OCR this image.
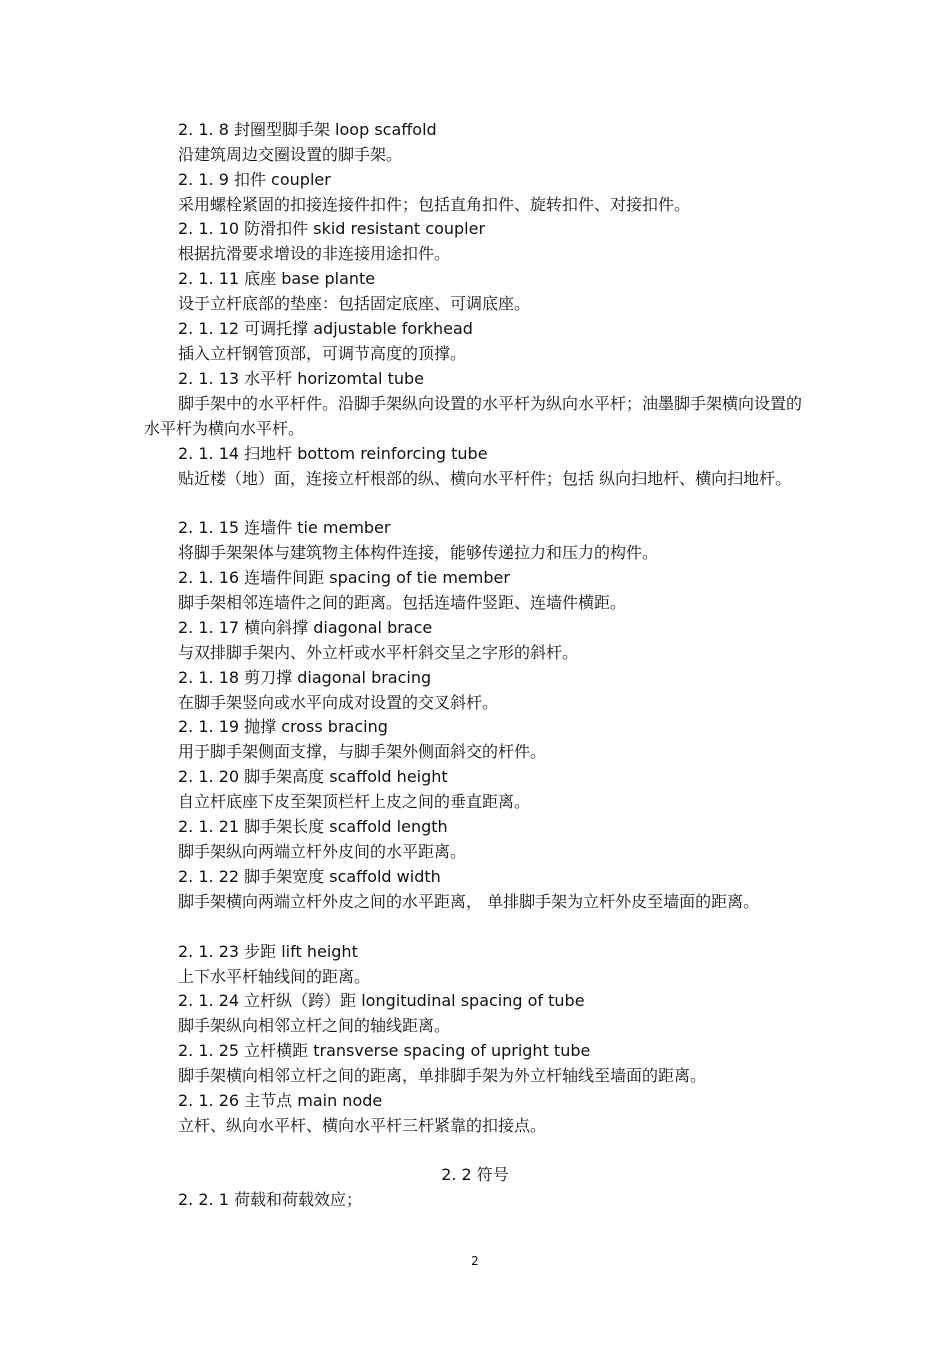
2. 1. 8 封圈型脚手架 loop scaffold

沿建筑周边交圈设置的脚手架。

2. 1. 9 扣件 coupler

采用螺栓紧固的扣接连接件扣件；包括直角扣件、旋转扣件、对接扣件。

2. 1. 10 防滑扣件 skid resistant coupler

根据抗滑要求增设的非连接用途扣件。

2. 1. 11 底座 base plante

设于立杆底部的垫座：包括固定底座、可调底座。

2. 1. 12 可调托撑 adjustable forkhead

插入立杆钢管顶部，可调节高度的顶撑。

2. 1. 13 水平杆 horizomtal tube

脚手架中的水平杆件。沿脚手架纵向设置的水平杆为纵向水平杆；油墨脚手架横向设置的水平杆为横向水平杆。

2. 1. 14 扫地杆 bottom reinforcing tube

贴近楼（地）面，连接立杆根部的纵、横向水平杆件；包括 纵向扫地杆、横向扫地杆。

2. 1. 15 连墙件 tie member

将脚手架架体与建筑物主体构件连接，能够传递拉力和压力的构件。

2. 1. 16 连墙件间距 spacing of tie member

脚手架相邻连墙件之间的距离。包括连墙件竖距、连墙件横距。

2. 1. 17 横向斜撑 diagonal brace

与双排脚手架内、外立杆或水平杆斜交呈之字形的斜杆。

2. 1. 18 剪刀撑 diagonal bracing

在脚手架竖向或水平向成对设置的交叉斜杆。

2. 1. 19 抛撑 cross bracing

用于脚手架侧面支撑，与脚手架外侧面斜交的杆件。

2. 1. 20 脚手架高度 scaffold height

自立杆底座下皮至架顶栏杆上皮之间的垂直距离。

2. 1. 21 脚手架长度 scaffold length

脚手架纵向两端立杆外皮间的水平距离。

2. 1. 22 脚手架宽度 scaffold width

脚手架横向两端立杆外皮之间的水平距离， 单排脚手架为立杆外皮至墙面的距离。

2. 1. 23 步距 lift height

上下水平杆轴线间的距离。

2. 1. 24 立杆纵（跨）距 longitudinal spacing of tube

脚手架纵向相邻立杆之间的轴线距离。

2. 1. 25 立杆横距 transverse spacing of upright tube

脚手架横向相邻立杆之间的距离，单排脚手架为外立杆轴线至墙面的距离。

2. 1. 26 主节点 main node

立杆、纵向水平杆、横向水平杆三杆紧靠的扣接点。

2. 2 符号

2. 2. 1 荷载和荷载效应；

2
